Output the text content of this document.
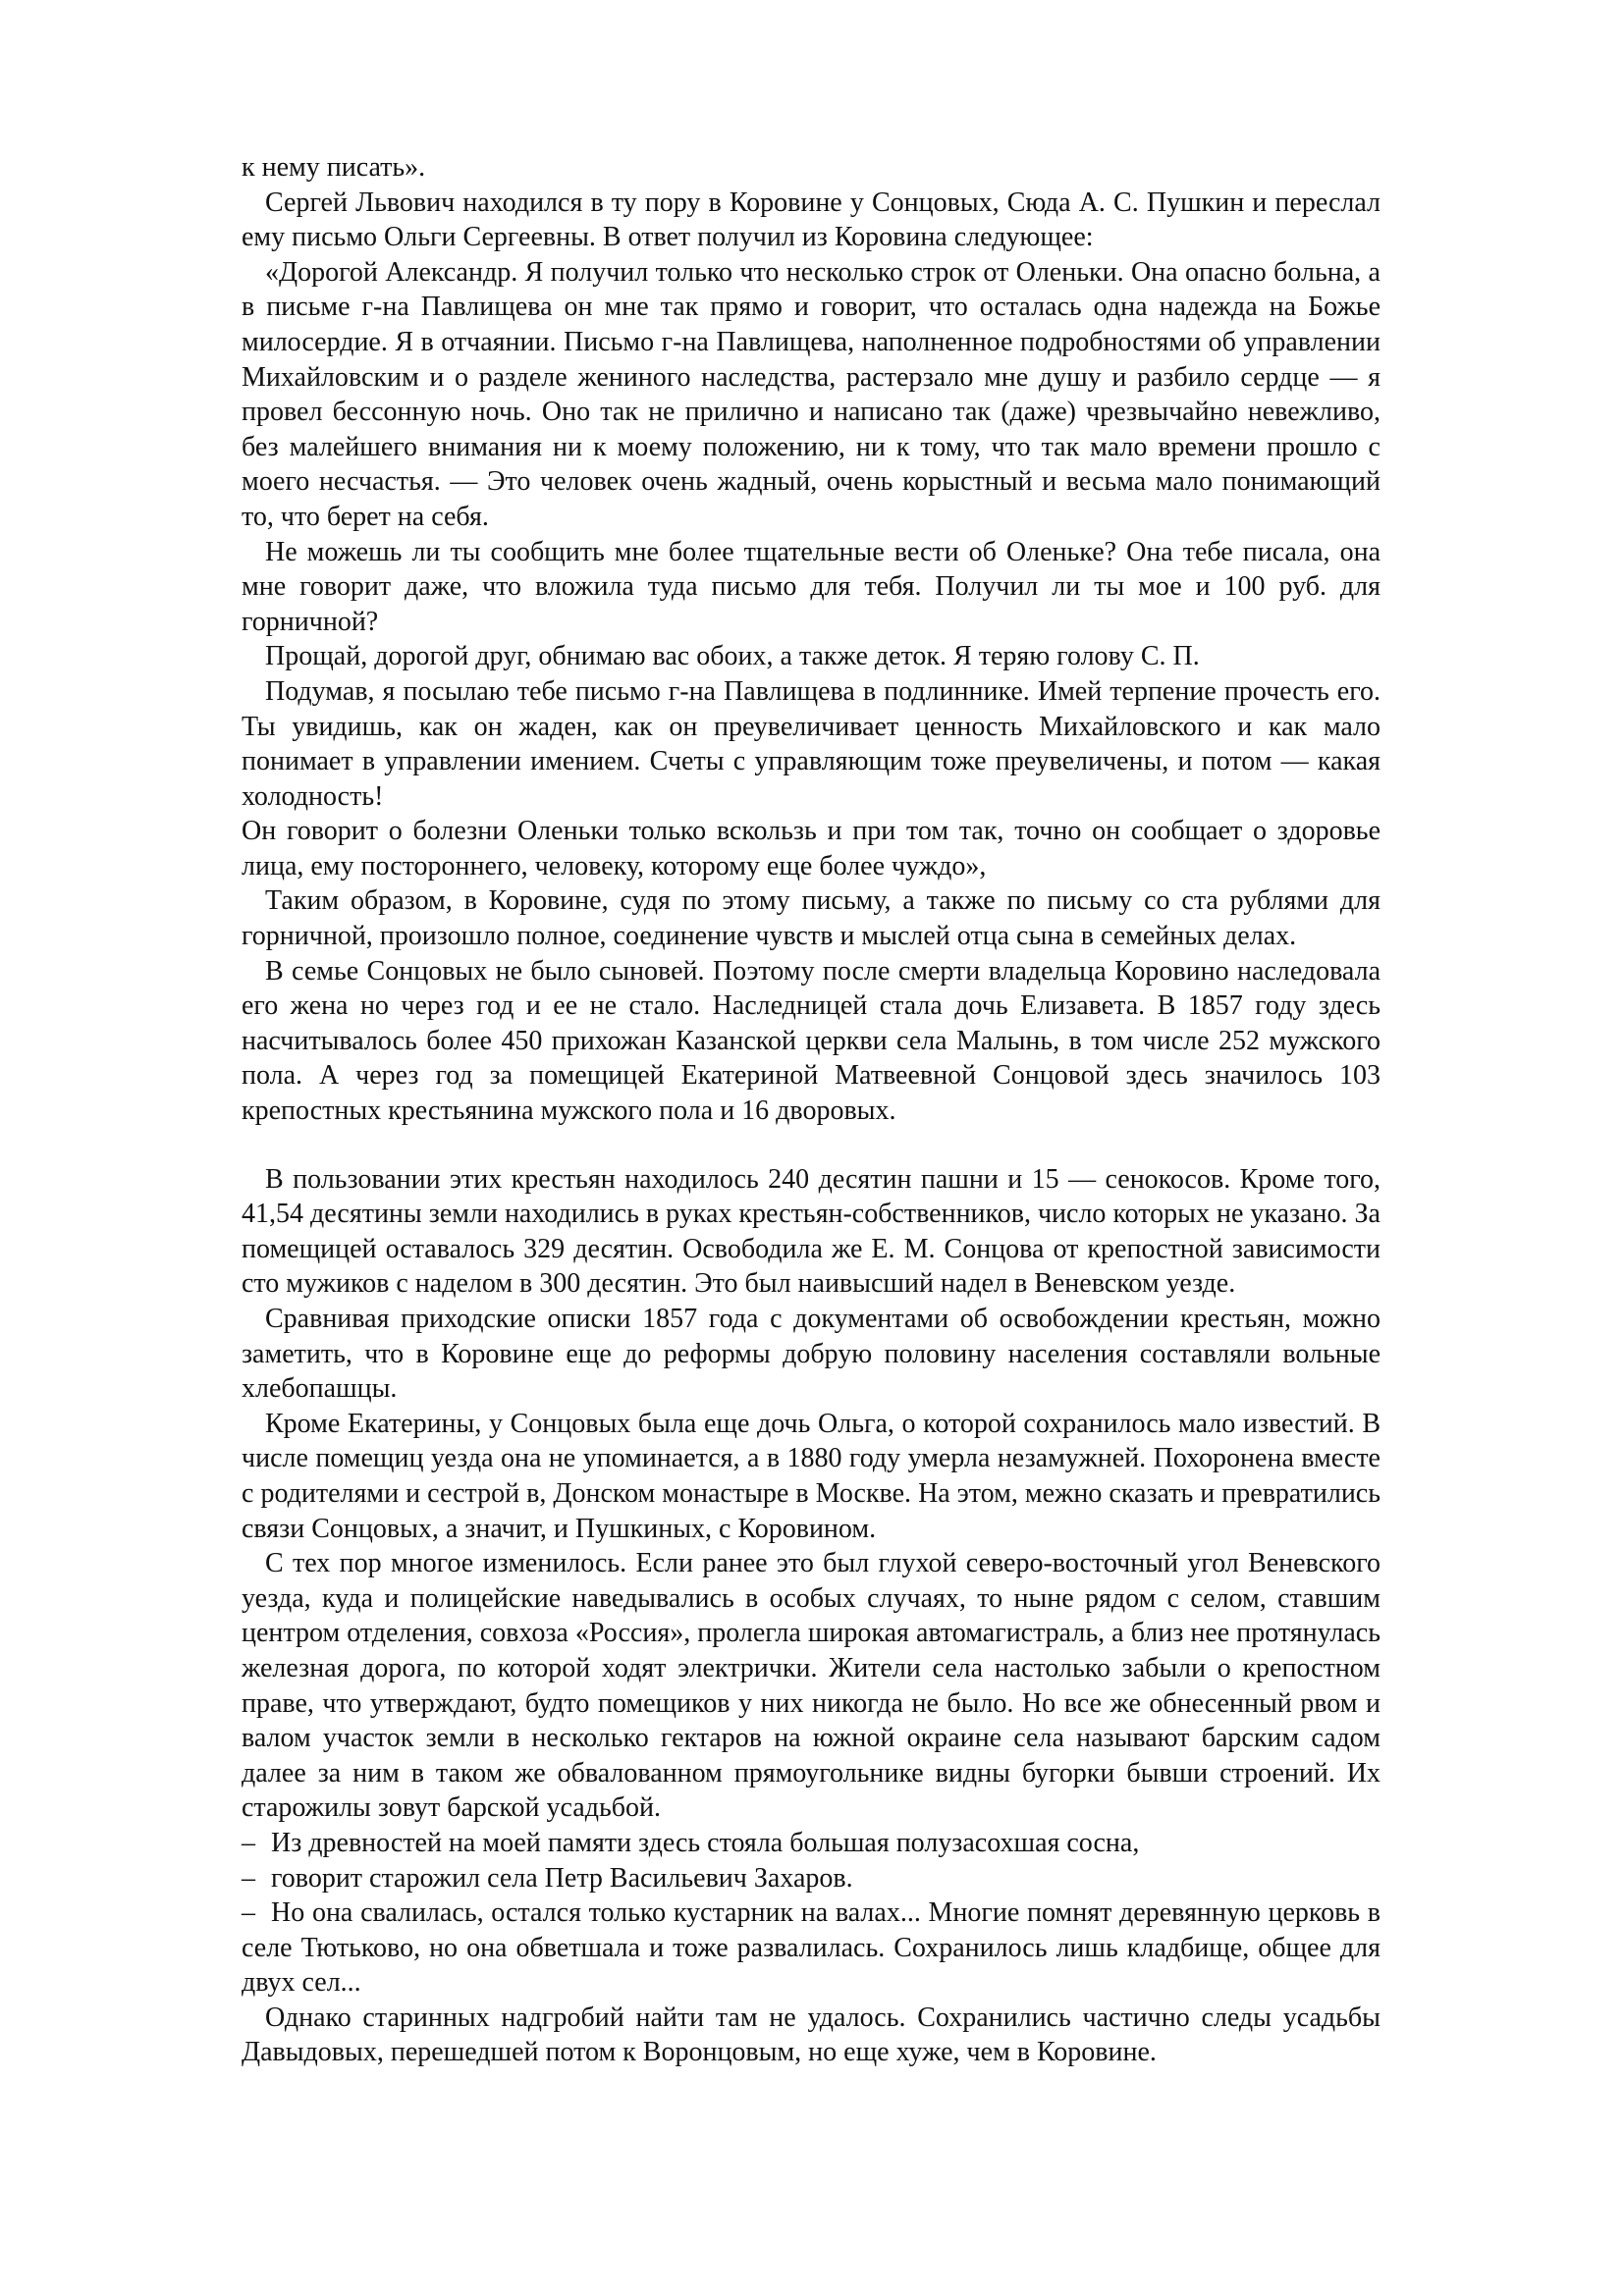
к нему писать».

Сергей Львович находился в ту пору в Коровине у Сонцовых, Сюда А. С. Пушкин и переслал ему письмо Ольги Сергеевны. В ответ получил из Коровина следующее:

«Дорогой Александр. Я получил только что несколько строк от Оленьки. Она опасно больна, а в письме г-на Павлищева он мне так прямо и говорит, что осталась одна надежда на Божье милосердие. Я в отчаянии. Письмо г-на Павлищева, наполненное подробностями об управлении Михайловским и о разделе жениного наследства, растерзало мне душу и разбило сердце — я провел бессонную ночь. Оно так не прилично и написано так (даже) чрезвычайно невежливо, без малейшего внимания ни к моему положению, ни к тому, что так мало времени прошло с моего несчастья. — Это человек очень жадный, очень корыстный и весьма мало понимающий то, что берет на себя.

Не можешь ли ты сообщить мне более тщательные вести об Оленьке? Она тебе писала, она мне говорит даже, что вложила туда письмо для тебя. Получил ли ты мое и 100 руб. для горничной?

Прощай, дорогой друг, обнимаю вас обоих, а также деток. Я теряю голову С. П.

Подумав, я посылаю тебе письмо г-на Павлищева в подлиннике. Имей терпение прочесть его. Ты увидишь, как он жаден, как он преувеличивает ценность Михайловского и как мало понимает в управлении имением. Счеты с управляющим тоже преувеличены, и потом — какая холодность!

Он говорит о болезни Оленьки только вскользь и при том так, точно он сообщает о здоровье лица, ему постороннего, человеку, которому еще более чуждо»,

Таким образом, в Коровине, судя по этому письму, а также по письму со ста рублями для горничной, произошло полное, соединение чувств и мыслей отца сына в семейных делах.

В семье Сонцовых не было сыновей. Поэтому после смерти владельца Коровино наследовала его жена но через год и ее не стало. Наследницей стала дочь Елизавета. В 1857 году здесь насчитывалось более 450 прихожан Казанской церкви села Малынь, в том числе 252 мужского пола. А через год за помещицей Екатериной Матвеевной Сонцовой здесь значилось 103 крепостных крестьянина мужского пола и 16 дворовых.

В пользовании этих крестьян находилось 240 десятин пашни и 15 — сенокосов. Кроме того, 41,54 десятины земли находились в руках крестьян-собственников, число которых не указано. За помещицей оставалось 329 десятин. Освободила же Е. М. Сонцова от крепостной зависимости сто мужиков с наделом в 300 десятин. Это был наивысший надел в Веневском уезде.

Сравнивая приходские описки 1857 года с документами об освобождении крестьян, можно заметить, что в Коровине еще до реформы добрую половину населения составляли вольные хлебопашцы.

Кроме Екатерины, у Сонцовых была еще дочь Ольга, о которой сохранилось мало известий. В числе помещиц уезда она не упоминается, а в 1880 году умерла незамужней. Похоронена вместе с родителями и сестрой в, Донском монастыре в Москве. На этом, межно сказать и превратились связи Сонцовых, а значит, и Пушкиных, с Коровином.

С тех пор многое изменилось. Если ранее это был глухой северо-восточный угол Веневского уезда, куда и полицейские наведывались в особых случаях, то ныне рядом с селом, ставшим центром отделения, совхоза «Россия», пролегла широкая автомагистраль, а близ нее протянулась железная дорога, по которой ходят электрички. Жители села настолько забыли о крепостном праве, что утверждают, будто помещиков у них никогда не было. Но все же обнесенный рвом и валом участок земли в несколько гектаров на южной окраине села называют барским садом далее за ним в таком же обвалованном прямоугольнике видны бугорки бывши строений. Их старожилы зовут барской усадьбой.

– Из древностей на моей памяти здесь стояла большая полузасохшая сосна,

– говорит старожил села Петр Васильевич Захаров.

– Но она свалилась, остался только кустарник на валах... Многие помнят деревянную церковь в селе Тютьково, но она обветшала и тоже развалилась. Сохранилось лишь кладбище, общее для двух сел...

Однако старинных надгробий найти там не удалось. Сохранились частично следы усадьбы Давыдовых, перешедшей потом к Воронцовым, но еще хуже, чем в Коровине.
